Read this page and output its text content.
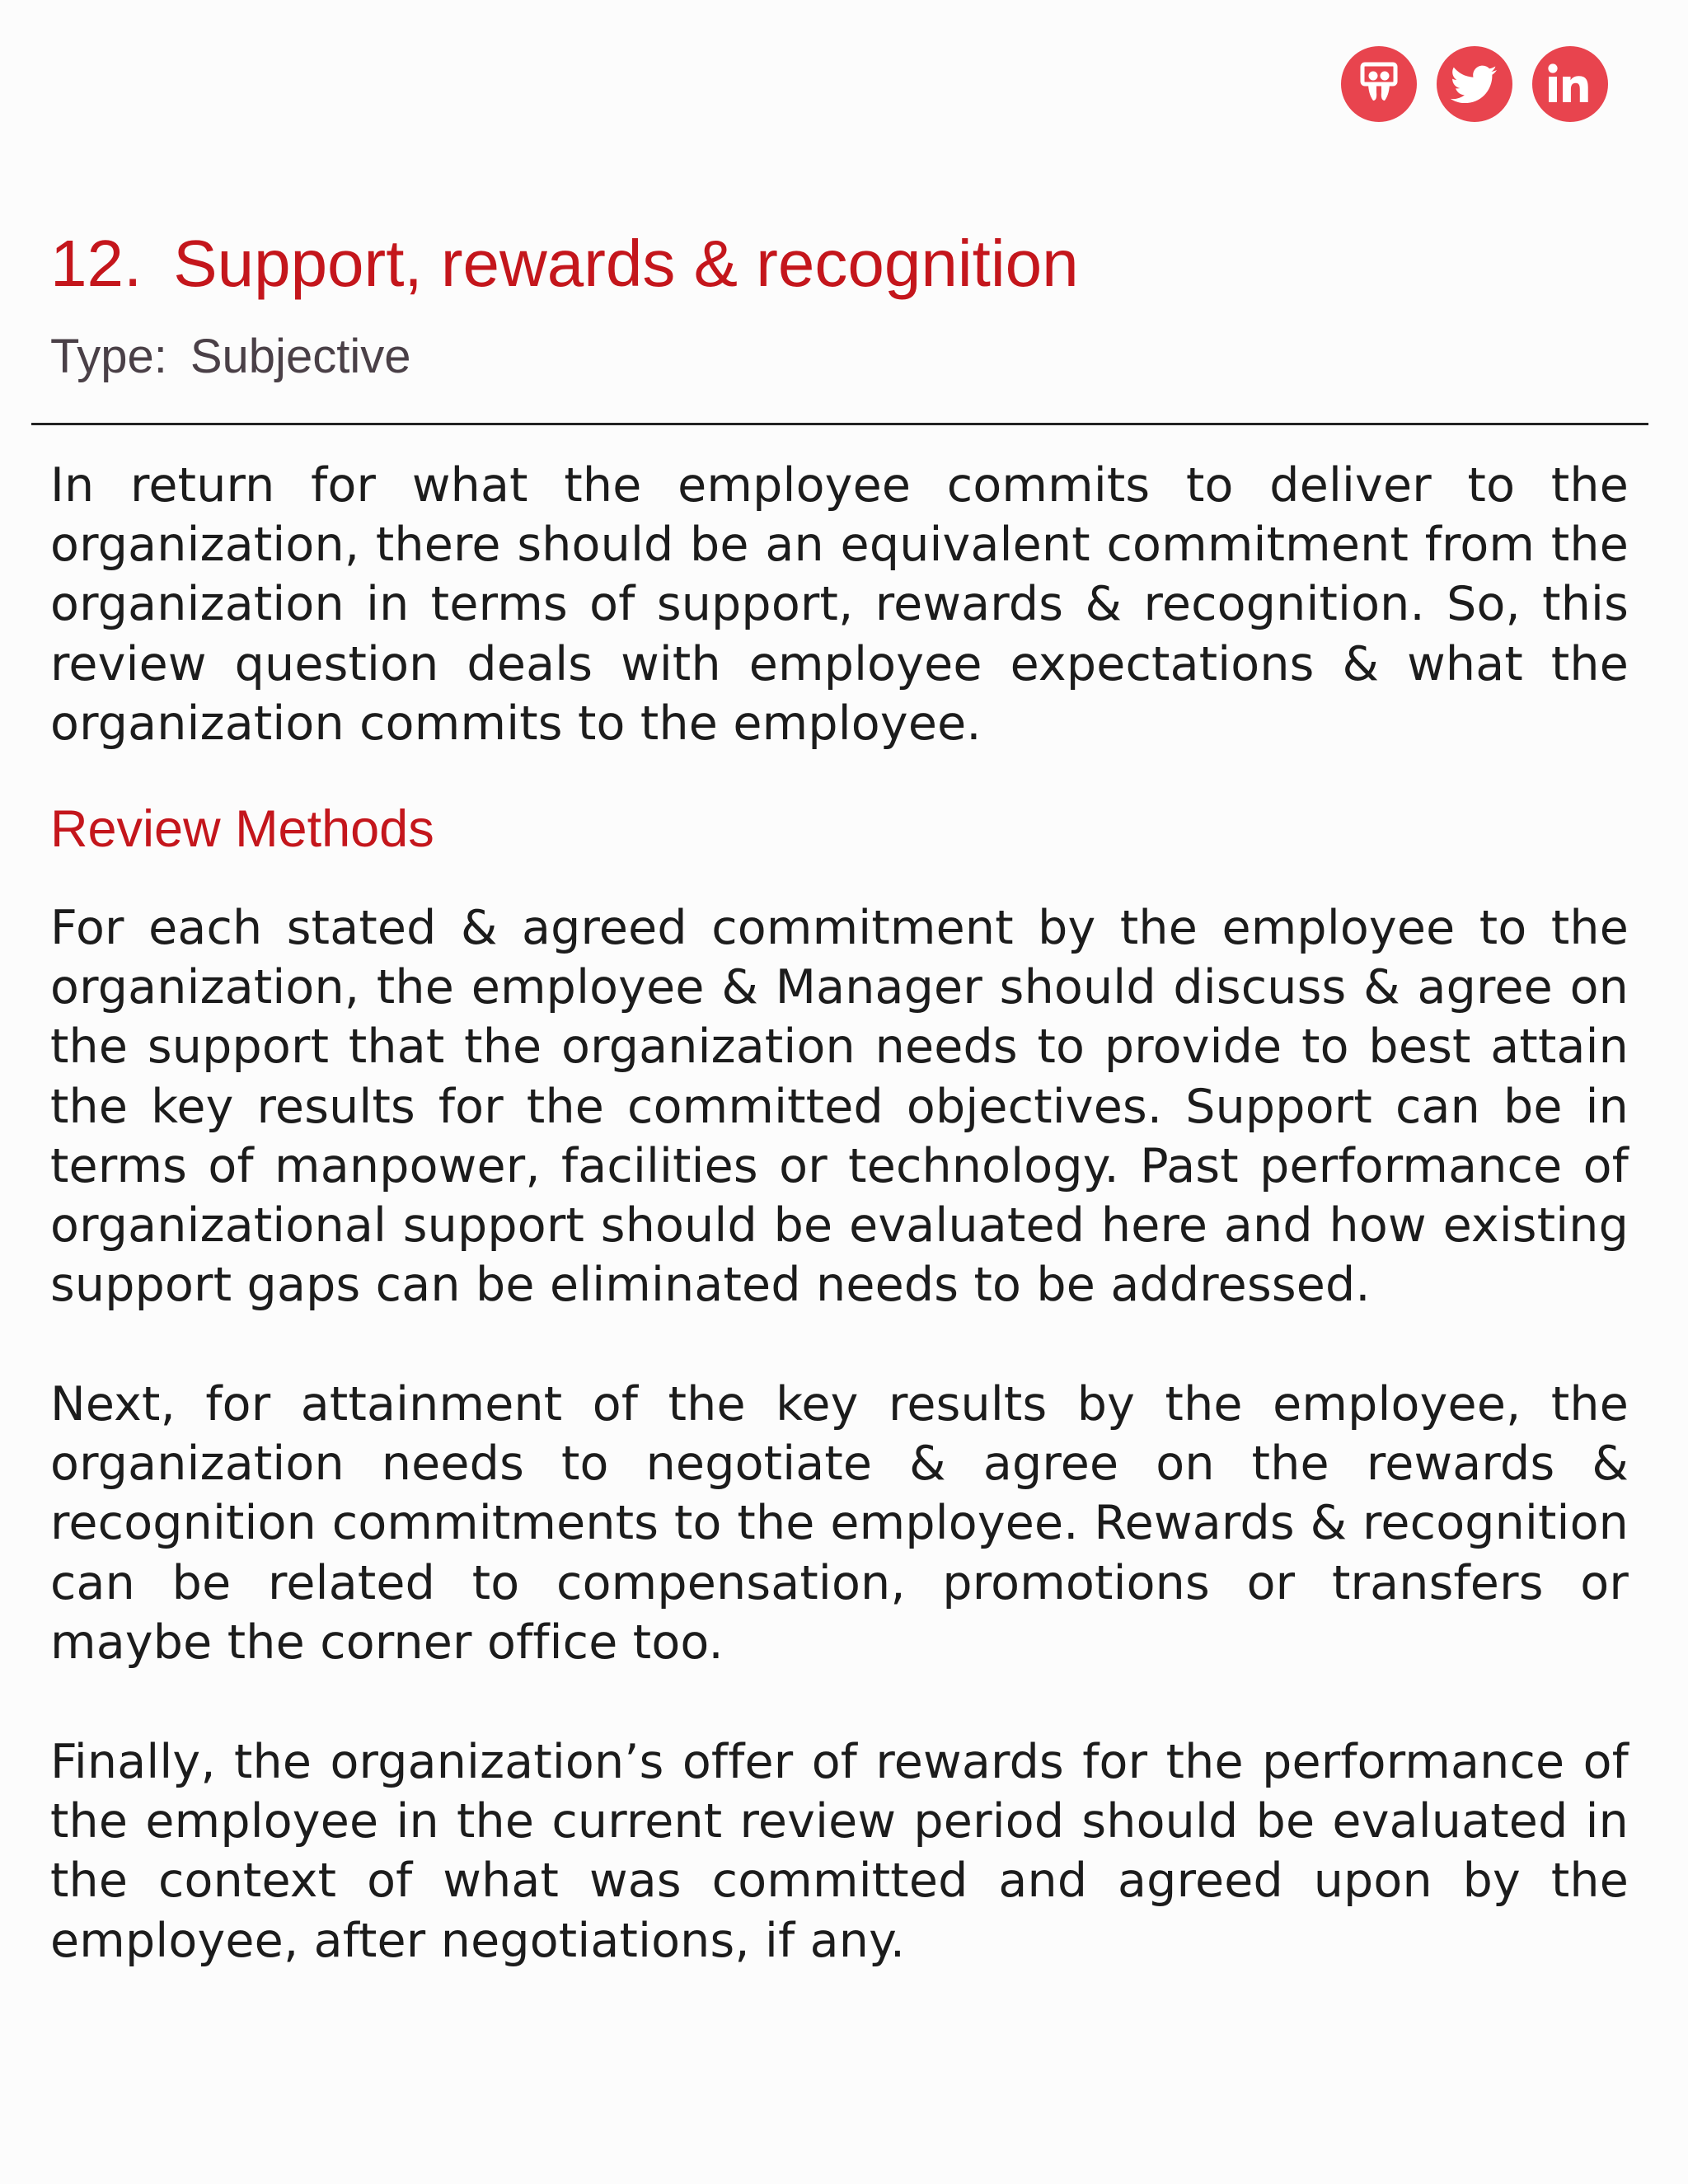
12. Support, rewards & recognition
Type: Subjective

In return for what the employee commits to deliver to the organization, there should be an equivalent commitment from the organization in terms of support, rewards & recognition. So, this review question deals with employee expectations & what the organization commits to the employee.

Review Methods

For each stated & agreed commitment by the employee to the organization, the employee & Manager should discuss & agree on the support that the organization needs to provide to best attain the key results for the committed objectives. Support can be in terms of manpower, facilities or technology. Past performance of organizational support should be evaluated here and how existing support gaps can be eliminated needs to be addressed.

Next, for attainment of the key results by the employee, the organization needs to negotiate & agree on the rewards & recognition commitments to the employee. Rewards & recognition can be related to compensation, promotions or transfers or maybe the corner office too.

Finally, the organization’s offer of rewards for the performance of the employee in the current review period should be evaluated in the context of what was committed and agreed upon by the employee, after negotiations, if any.
